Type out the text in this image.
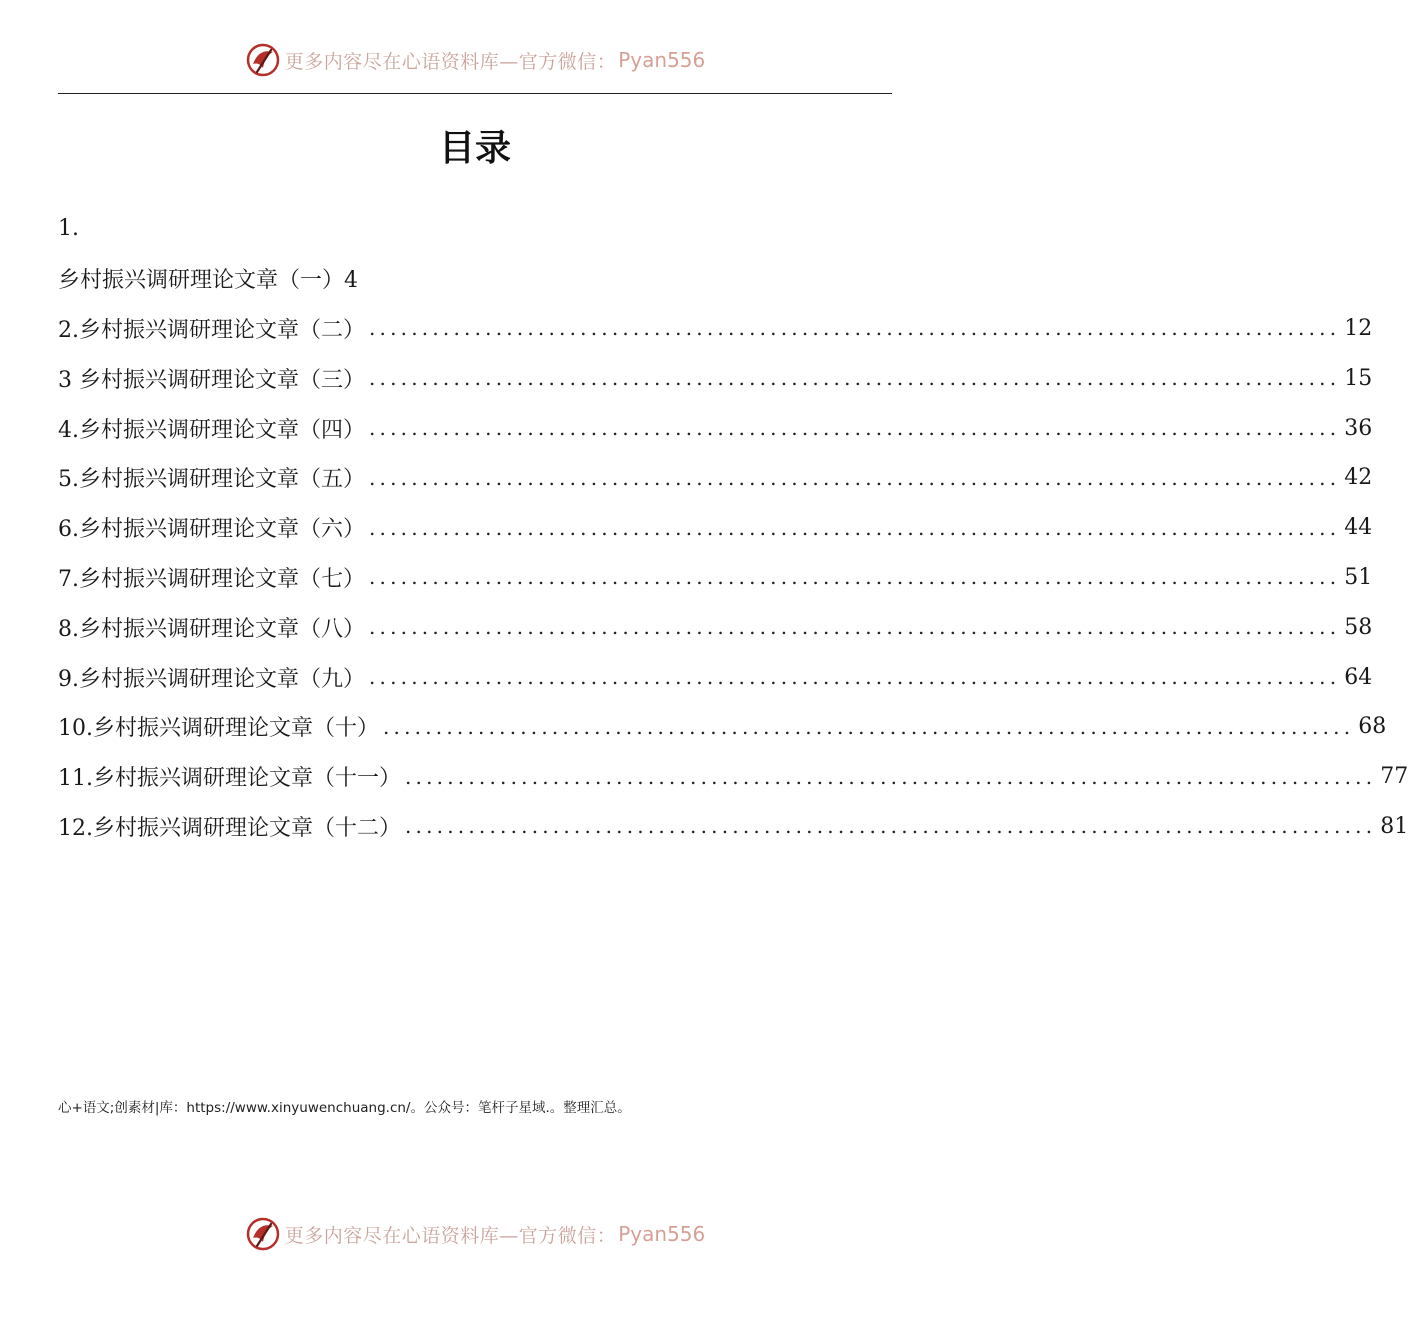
更多内容尽在心语资料库—官方微信： Pyan556
目录
1.
乡村振兴调研理论文章（一）4
2.乡村振兴调研理论文章（二） ............................................................................................ 12
3 乡村振兴调研理论文章（三） ............................................................................................ 15
4.乡村振兴调研理论文章（四） ............................................................................................ 36
5.乡村振兴调研理论文章（五） ............................................................................................ 42
6.乡村振兴调研理论文章（六） ............................................................................................ 44
7.乡村振兴调研理论文章（七） ............................................................................................ 51
8.乡村振兴调研理论文章（八） ............................................................................................ 58
9.乡村振兴调研理论文章（九） ............................................................................................ 64
10.乡村振兴调研理论文章（十） ............................................................................................ 68
11.乡村振兴调研理论文章（十一） ............................................................................................ 77
12.乡村振兴调研理论文章（十二） ............................................................................................ 81
心+语文;创素材|库：https://www.xinyuwenchuang.cn/。公众号：笔杆子星域.。整理汇总。
更多内容尽在心语资料库—官方微信： Pyan556
